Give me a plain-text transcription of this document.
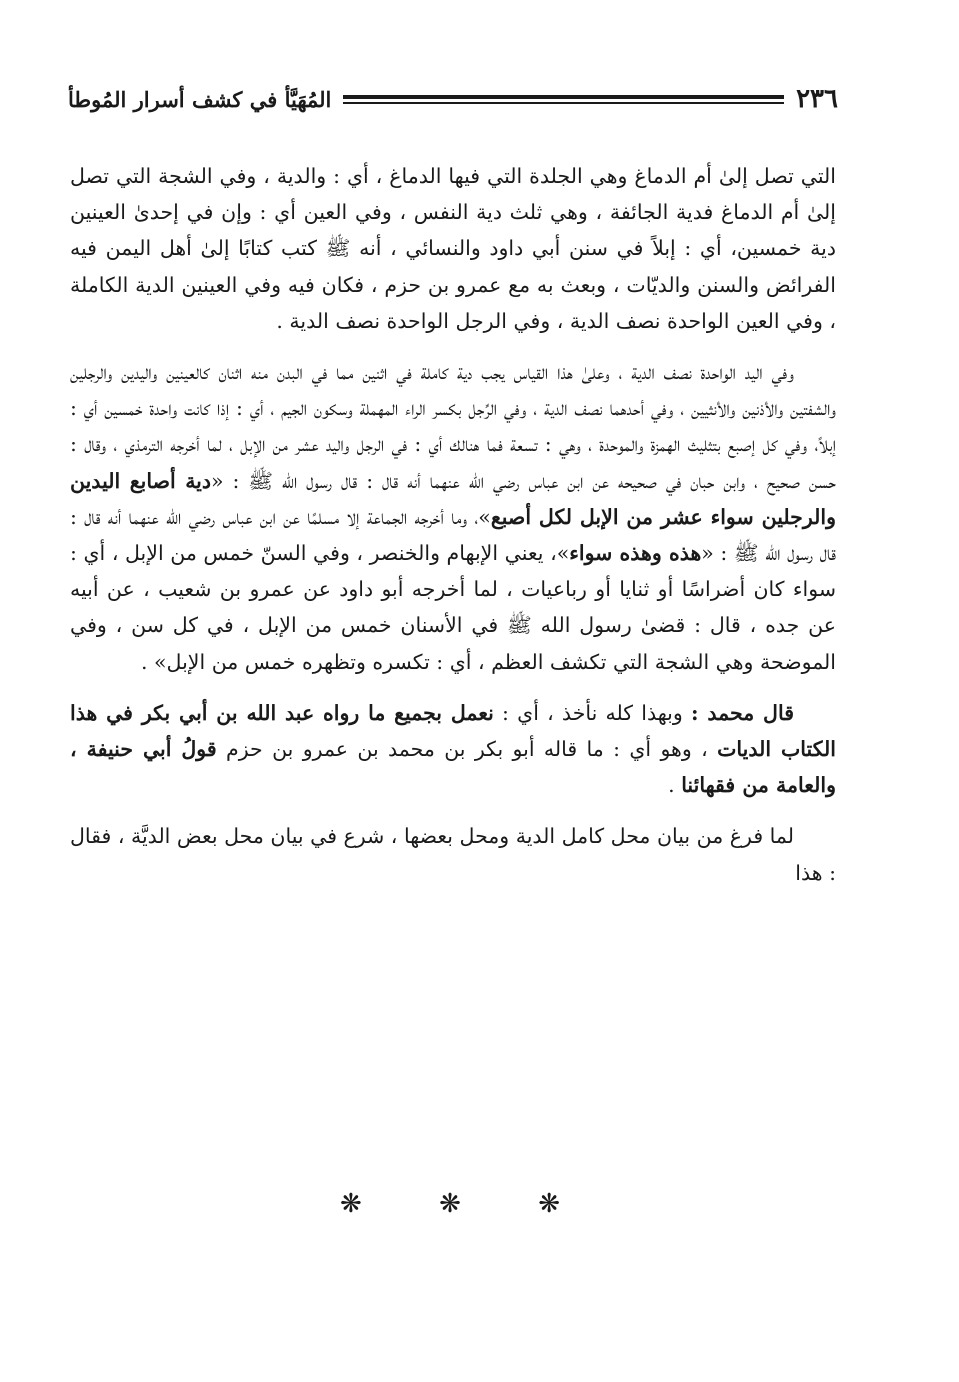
٢٣٦
المُهَيَّأ في كشف أسرار المُوطأ

التي تصل إلىٰ أم الدماغ وهي الجلدة التي فيها الدماغ ، أي : والدية ، وفي الشجة التي تصل إلىٰ أم الدماغ فدية الجائفة ، وهي ثلث دية النفس ، وفي العين أي : وإن في إحدىٰ العينين دية خمسين، أي : إبلاً في سنن أبي داود والنسائي ، أنه ﷺ كتب كتابًا إلىٰ أهل اليمن فيه الفرائض والسنن والديّات ، وبعث به مع عمرو بن حزم ، فكان فيه وفي العينين الدية الكاملة ، وفي العين الواحدة نصف الدية ، وفي الرجل الواحدة نصف الدية .

وفي اليد الواحدة نصف الدية ، وعلىٰ هذا القياس يجب دية كاملة في اثنين مما في البدن منه اثنان كالعينين واليدين والرجلين والشفتين والأذنين والأنثيين ، وفي أحدهما نصف الدية ، وفي الرِّجل بكسر الراء المهملة وسكون الجيم ، أي : إذا كانت واحدة خمسين أي : إبلاً، وفي كل إصبع بتثليث الهمزة والموحدة ، وهي : تسعة فما هنالك أي : في الرجل واليد عشر من الإبل ، لما أخرجه الترمذي ، وقال : حسن صحيح ، وابن حبان في صحيحه عن ابن عباس رضي الله عنهما أنه قال : قال رسول الله ﷺ : «دية أصابع اليدين والرجلين سواء عشر من الإبل لكل أصبع»، وما أخرجه الجماعة إلا مسلمًا عن ابن عباس رضي الله عنهما أنه قال : قال رسول الله ﷺ : «هذه وهذه سواء»، يعني الإبهام والخنصر ، وفي السنّ خمس من الإبل ، أي : سواء كان أضراسًا أو ثنايا أو رباعيات ، لما أخرجه أبو داود عن عمرو بن شعيب ، عن أبيه عن جده ، قال : قضىٰ رسول الله ﷺ في الأسنان خمس من الإبل ، في كل سن ، وفي الموضحة وهي الشجة التي تكشف العظم ، أي : تكسره وتظهره خمس من الإبل» .

قال محمد : وبهذا كله نأخذ ، أي : نعمل بجميع ما رواه عبد الله بن أبي بكر في هذا الكتاب الديات ، وهو أي : ما قاله أبو بكر بن محمد بن عمرو بن حزم قولُ أبي حنيفة ، والعامة من فقهائنا .

لما فرغ من بيان محل كامل الدية ومحل بعضها ، شرع في بيان محل بعض الديَّة ، فقال : هذا

❋
❋
❋
